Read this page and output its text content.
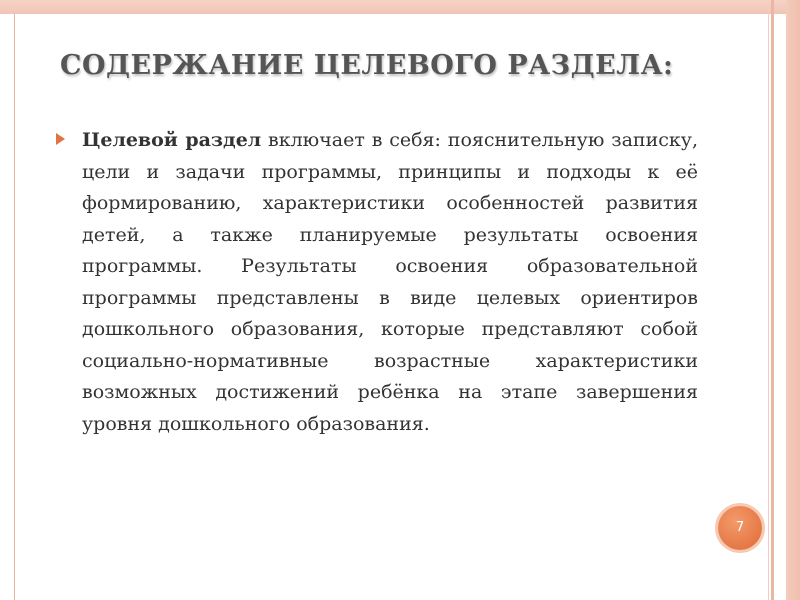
СОДЕРЖАНИЕ ЦЕЛЕВОГО РАЗДЕЛА:
Целевой раздел включает в себя: пояснительную записку, цели и задачи программы, принципы и подходы к её формированию, характеристики особенностей развития детей, а также планируемые результаты освоения программы. Результаты освоения образовательной программы представлены в виде целевых ориентиров дошкольного образования, которые представляют собой социально-нормативные возрастные характеристики возможных достижений ребёнка на этапе завершения уровня дошкольного образования.
7
